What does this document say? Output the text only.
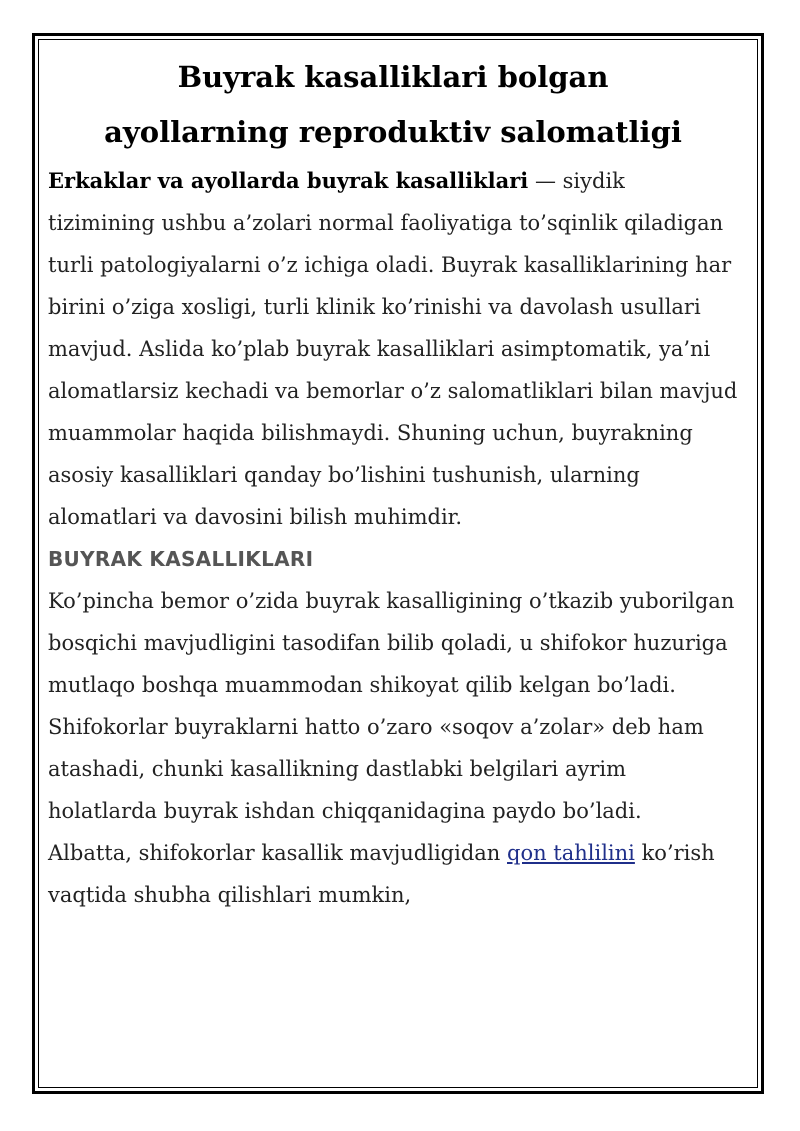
Buyrak kasalliklari bolgan
ayollarning reproduktiv salomatligi

Erkaklar va ayollarda buyrak kasalliklari — siydik tizimining ushbu a’zolari normal faoliyatiga to’sqinlik qiladigan turli patologiyalarni o’z ichiga oladi. Buyrak kasalliklarining har birini o’ziga xosligi, turli klinik ko’rinishi va davolash usullari mavjud. Aslida ko’plab buyrak kasalliklari asimptomatik, ya’ni alomatlarsiz kechadi va bemorlar o’z salomatliklari bilan mavjud muammolar haqida bilishmaydi. Shuning uchun, buyrakning asosiy kasalliklari qanday bo’lishini tushunish, ularning alomatlari va davosini bilish muhimdir.

BUYRAK KASALLIKLARI

Ko’pincha bemor o’zida buyrak kasalligining o’tkazib yuborilgan bosqichi mavjudligini tasodifan bilib qoladi, u shifokor huzuriga mutlaqo boshqa muammodan shikoyat qilib kelgan bo’ladi. Shifokorlar buyraklarni hatto o’zaro «soqov a’zolar» deb ham atashadi, chunki kasallikning dastlabki belgilari ayrim holatlarda buyrak ishdan chiqqanidagina paydo bo’ladi.

Albatta, shifokorlar kasallik mavjudligidan qon tahlilini ko’rish vaqtida shubha qilishlari mumkin,
